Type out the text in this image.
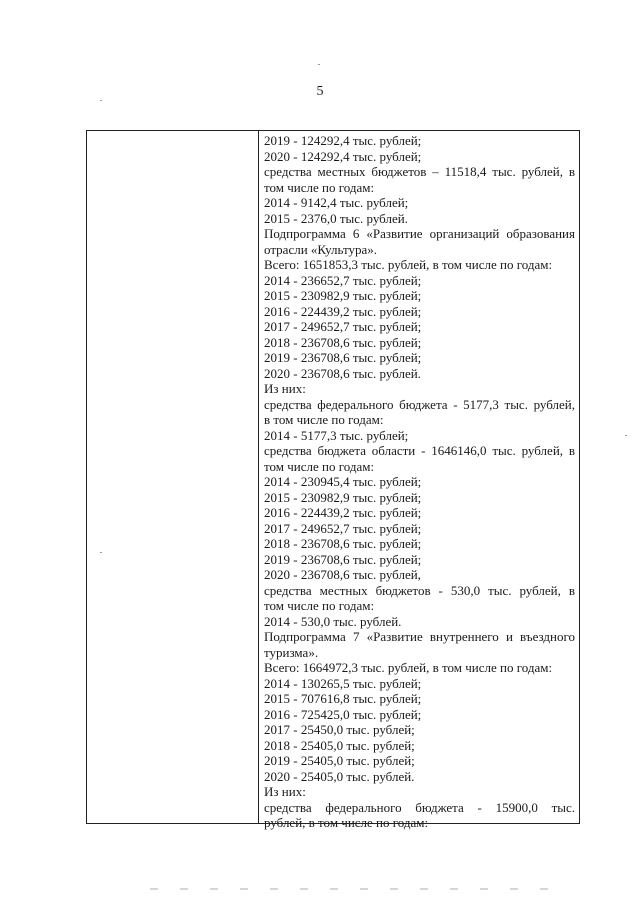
5
2019 - 124292,4 тыс. рублей;
2020 - 124292,4 тыс. рублей;
средства местных бюджетов – 11518,4 тыс. рублей, в
том числе по годам:
2014 - 9142,4 тыс. рублей;
2015 - 2376,0 тыс. рублей.
Подпрограмма 6 «Развитие организаций образования
отрасли «Культура».
Всего: 1651853,3 тыс. рублей, в том числе по годам:
2014 - 236652,7 тыс. рублей;
2015 - 230982,9 тыс. рублей;
2016 - 224439,2 тыс. рублей;
2017 - 249652,7 тыс. рублей;
2018 - 236708,6 тыс. рублей;
2019 - 236708,6 тыс. рублей;
2020 - 236708,6 тыс. рублей.
Из них:
средства федерального бюджета - 5177,3 тыс. рублей,
в том числе по годам:
2014 - 5177,3 тыс. рублей;
средства бюджета области - 1646146,0 тыс. рублей, в
том числе по годам:
2014 - 230945,4 тыс. рублей;
2015 - 230982,9 тыс. рублей;
2016 - 224439,2 тыс. рублей;
2017 - 249652,7 тыс. рублей;
2018 - 236708,6 тыс. рублей;
2019 - 236708,6 тыс. рублей;
2020 - 236708,6 тыс. рублей,
средства местных бюджетов - 530,0 тыс. рублей, в
том числе по годам:
2014 - 530,0 тыс. рублей.
Подпрограмма 7 «Развитие внутреннего и въездного
туризма».
Всего: 1664972,3 тыс. рублей, в том числе по годам:
2014 - 130265,5 тыс. рублей;
2015 - 707616,8 тыс. рублей;
2016 - 725425,0 тыс. рублей;
2017 - 25450,0 тыс. рублей;
2018 - 25405,0 тыс. рублей;
2019 - 25405,0 тыс. рублей;
2020 - 25405,0 тыс. рублей.
Из них:
средства федерального бюджета - 15900,0 тыс.
рублей, в том числе по годам:
